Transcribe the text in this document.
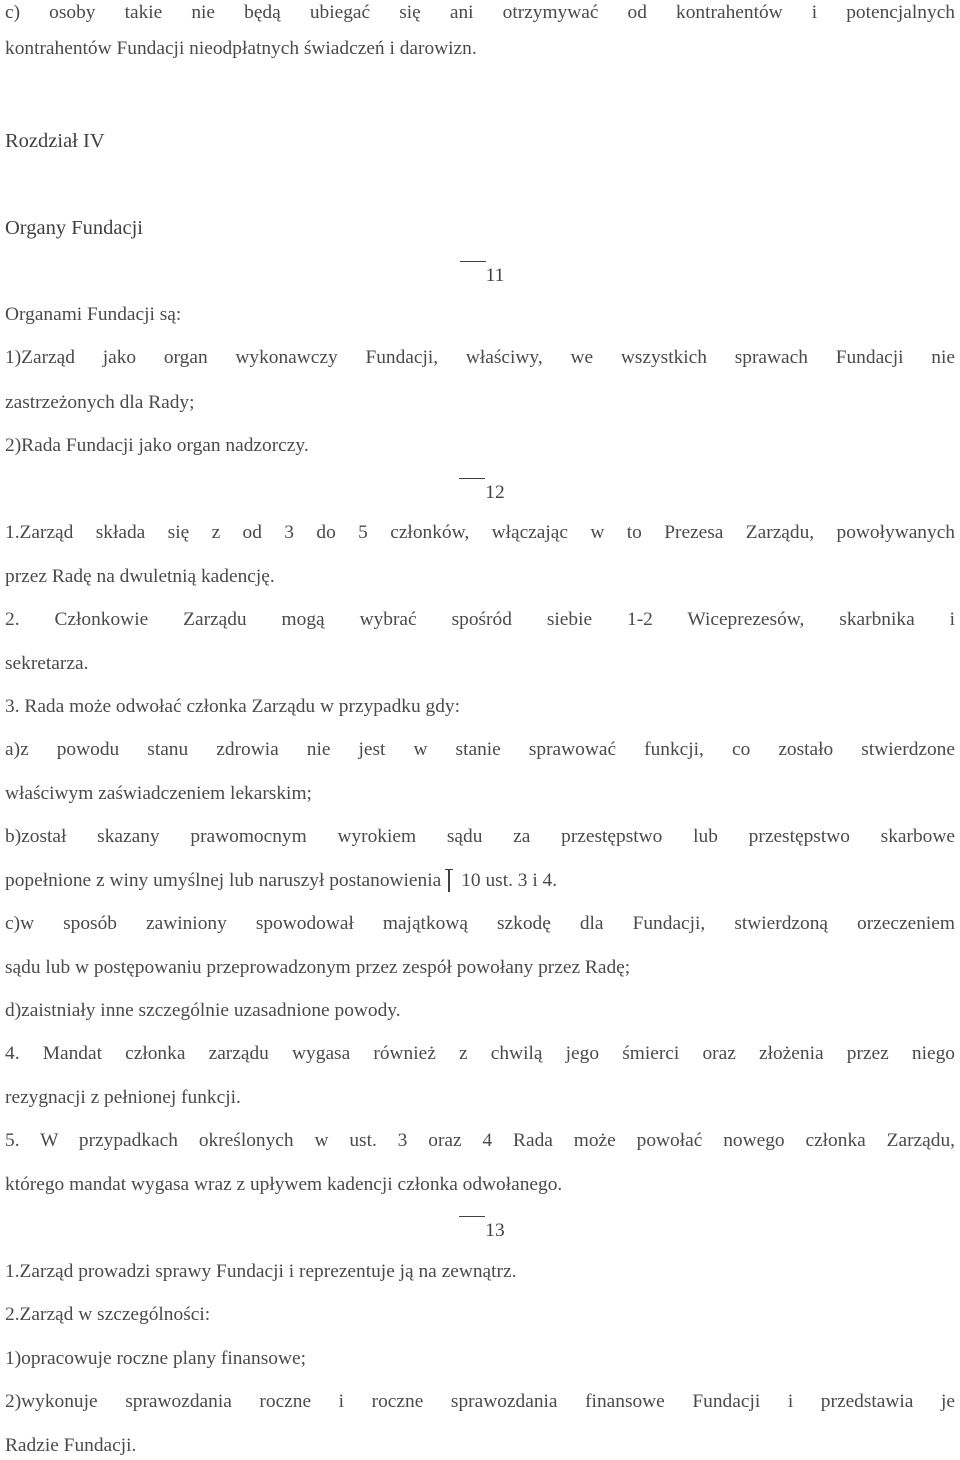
c) osoby takie nie będą ubiegać się ani otrzymywać od kontrahentów i potencjalnych
kontrahentów Fundacji nieodpłatnych świadczeń i darowizn.
Rozdział IV
Organy Fundacji
11
Organami Fundacji są:
1)Zarząd jako organ wykonawczy Fundacji, właściwy, we wszystkich sprawach Fundacji nie
zastrzeżonych dla Rady;
2)Rada Fundacji jako organ nadzorczy.
12
1.Zarząd składa się z od 3 do 5 członków, włączając w to Prezesa Zarządu, powoływanych
przez Radę na dwuletnią kadencję.
2. Członkowie Zarządu mogą wybrać spośród siebie 1-2 Wiceprezesów, skarbnika i
sekretarza.
3. Rada może odwołać członka Zarządu w przypadku gdy:
a)z powodu stanu zdrowia nie jest w stanie sprawować funkcji, co zostało stwierdzone
właściwym zaświadczeniem lekarskim;
b)został skazany prawomocnym wyrokiem sądu za przestępstwo lub przestępstwo skarbowe
popełnione z winy umyślnej lub naruszył postanowienia 10 ust. 3 i 4.
c)w sposób zawiniony spowodował majątkową szkodę dla Fundacji, stwierdzoną orzeczeniem
sądu lub w postępowaniu przeprowadzonym przez zespół powołany przez Radę;
d)zaistniały inne szczególnie uzasadnione powody.
4. Mandat członka zarządu wygasa również z chwilą jego śmierci oraz złożenia przez niego
rezygnacji z pełnionej funkcji.
5. W przypadkach określonych w ust. 3 oraz 4 Rada może powołać nowego członka Zarządu,
którego mandat wygasa wraz z upływem kadencji członka odwołanego.
13
1.Zarząd prowadzi sprawy Fundacji i reprezentuje ją na zewnątrz.
2.Zarząd w szczególności:
1)opracowuje roczne plany finansowe;
2)wykonuje sprawozdania roczne i roczne sprawozdania finansowe Fundacji i przedstawia je
Radzie Fundacji.
